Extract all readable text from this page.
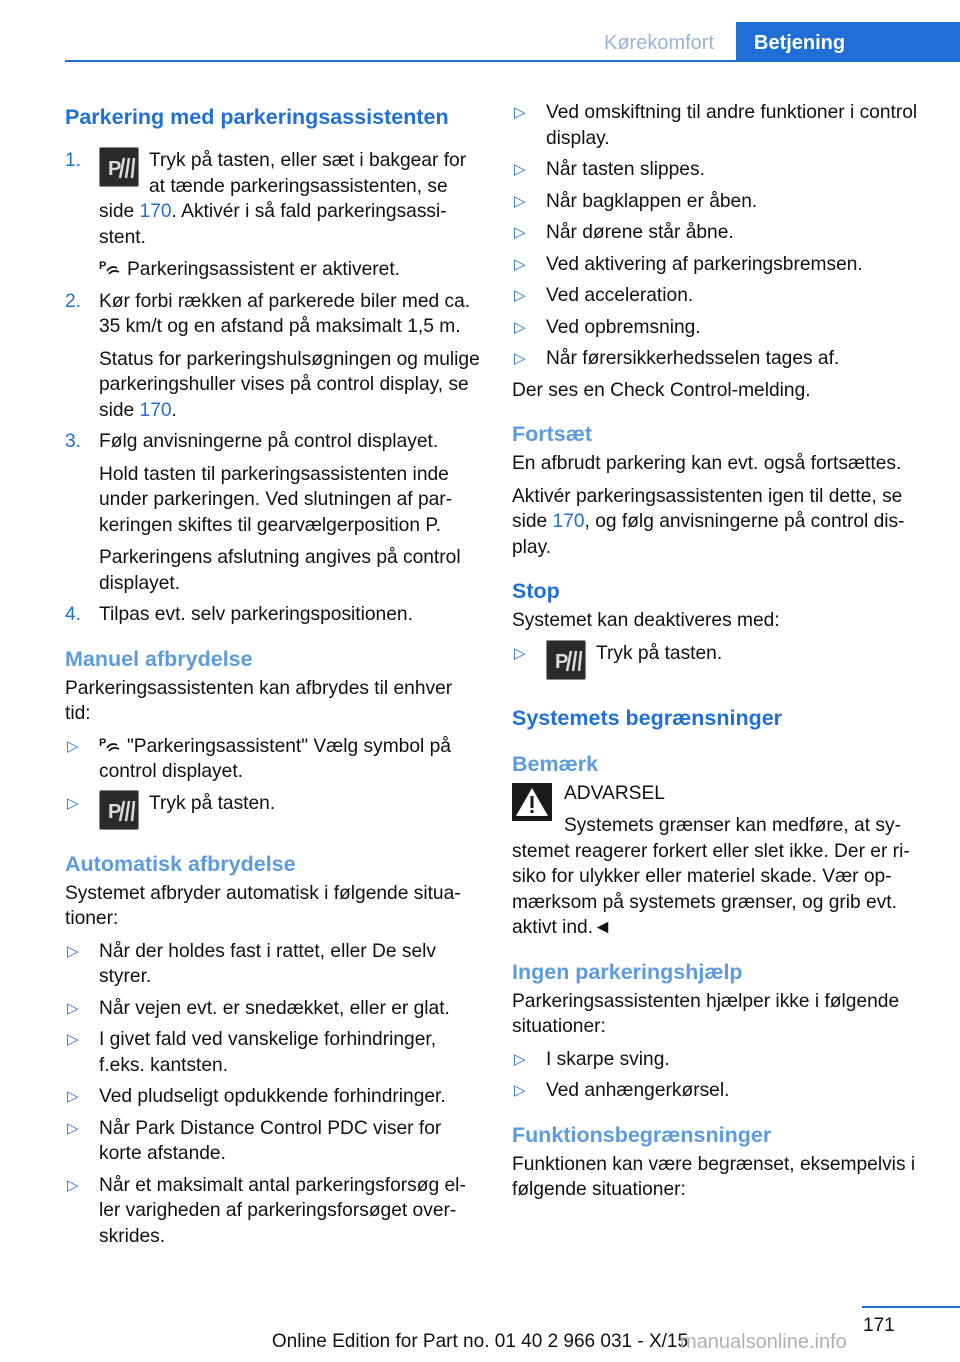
Kørekomfort	Betjening
Parkering med parkeringsassistenten
1. P Tryk på tasten, eller sæt i bakgear for at tænde parkeringsassistenten, se side 170. Aktivér i så fald parkeringsassistent.
P Parkeringsassistent er aktiveret.
2. Kør forbi rækken af parkerede biler med ca. 35 km/t og en afstand på maksimalt 1,5 m.
Status for parkeringshulsøgningen og mulige parkeringshuller vises på control display, se side 170.
3. Følg anvisningerne på control displayet.
Hold tasten til parkeringsassistenten inde under parkeringen. Ved slutningen af parkeringen skiftes til gearvælgerposition P.
Parkeringens afslutning angives på control displayet.
4. Tilpas evt. selv parkeringspositionen.
Manuel afbrydelse
Parkeringsassistenten kan afbrydes til enhver tid:
▷ P "Parkeringsassistent" Vælg symbol på control displayet.
▷ P Tryk på tasten.
Automatisk afbrydelse
Systemet afbryder automatisk i følgende situationer:
▷ Når der holdes fast i rattet, eller De selv styrer.
▷ Når vejen evt. er snedækket, eller er glat.
▷ I givet fald ved vanskelige forhindringer, f.eks. kantsten.
▷ Ved pludseligt opdukkende forhindringer.
▷ Når Park Distance Control PDC viser for korte afstande.
▷ Når et maksimalt antal parkeringsforsøg eller varigheden af parkeringsforsøget overskrides.
▷ Ved omskiftning til andre funktioner i control display.
▷ Når tasten slippes.
▷ Når bagklappen er åben.
▷ Når dørene står åbne.
▷ Ved aktivering af parkeringsbremsen.
▷ Ved acceleration.
▷ Ved opbremsning.
▷ Når førersikkerhedsselen tages af.
Der ses en Check Control-melding.
Fortsæt
En afbrudt parkering kan evt. også fortsættes.
Aktivér parkeringsassistenten igen til dette, se side 170, og følg anvisningerne på control display.
Stop
Systemet kan deaktiveres med:
▷ P Tryk på tasten.
Systemets begrænsninger
Bemærk
ADVARSEL
Systemets grænser kan medføre, at systemet reagerer forkert eller slet ikke. Der er risiko for ulykker eller materiel skade. Vær opmærksom på systemets grænser, og grib evt. aktivt ind.◄
Ingen parkeringshjælp
Parkeringsassistenten hjælper ikke i følgende situationer:
▷ I skarpe sving.
▷ Ved anhængerkørsel.
Funktionsbegrænsninger
Funktionen kan være begrænset, eksempelvis i følgende situationer:
171
Online Edition for Part no. 01 40 2 966 031 - X/15
manualsonline.info
